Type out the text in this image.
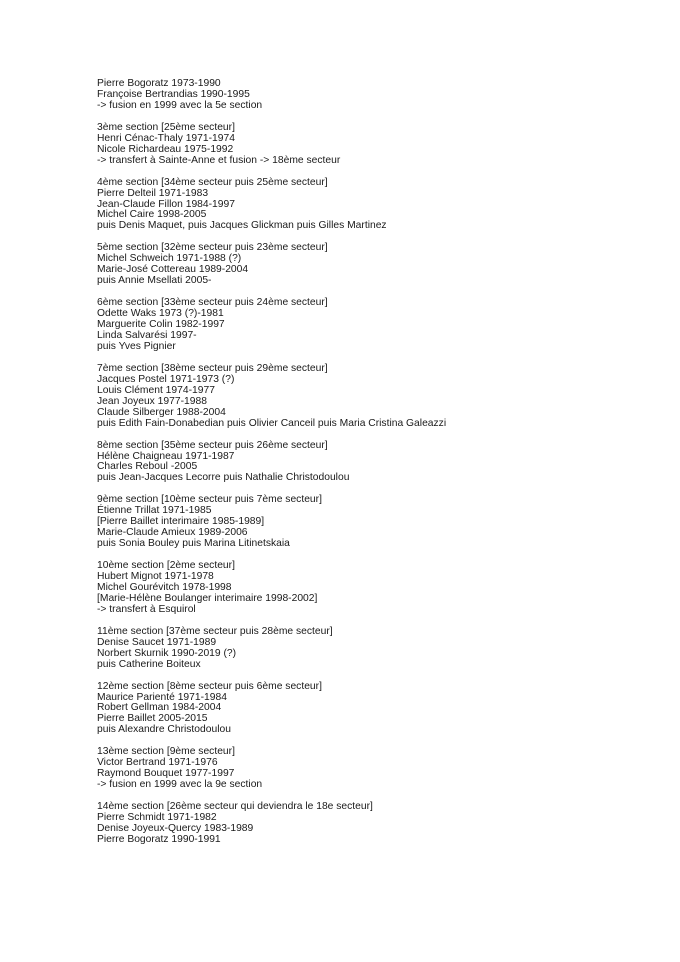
Pierre Bogoratz 1973-1990
Françoise Bertrandias 1990-1995
-> fusion en 1999 avec la 5e section
3ème section [25ème secteur]
Henri Cénac-Thaly 1971-1974
Nicole Richardeau 1975-1992
-> transfert à Sainte-Anne et fusion -> 18ème secteur
4ème section [34ème secteur puis 25ème secteur]
Pierre Delteil 1971-1983
Jean-Claude Fillon 1984-1997
Michel Caire 1998-2005
puis Denis Maquet, puis Jacques Glickman puis Gilles Martinez
5ème section [32ème secteur puis 23ème secteur]
Michel Schweich 1971-1988 (?)
Marie-José Cottereau 1989-2004
puis Annie Msellati 2005-
6ème section [33ème secteur puis 24ème secteur]
Odette Waks 1973 (?)-1981
Marguerite Colin 1982-1997
Linda Salvarési 1997-
puis Yves Pignier
7ème section [38ème secteur puis 29ème secteur]
Jacques Postel 1971-1973 (?)
Louis Clément 1974-1977
Jean Joyeux 1977-1988
Claude Silberger 1988-2004
puis Edith Fain-Donabedian puis Olivier Canceil puis Maria Cristina Galeazzi
8ème section [35ème secteur puis 26ème secteur]
Hélène Chaigneau 1971-1987
Charles Reboul -2005
puis Jean-Jacques Lecorre puis Nathalie Christodoulou
9ème section [10ème secteur puis 7ème secteur]
Étienne Trillat 1971-1985
[Pierre Baillet interimaire 1985-1989]
Marie-Claude Amieux 1989-2006
puis Sonia Bouley puis Marina Litinetskaia
10ème section [2ème secteur]
Hubert Mignot 1971-1978
Michel Gourévitch 1978-1998
[Marie-Hélène Boulanger interimaire 1998-2002]
-> transfert à Esquirol
11ème section [37ème secteur puis 28ème secteur]
Denise Saucet 1971-1989
Norbert Skurnik 1990-2019 (?)
puis Catherine Boiteux
12ème section [8ème secteur puis 6ème secteur]
Maurice Parienté 1971-1984
Robert Gellman 1984-2004
Pierre Baillet 2005-2015
puis Alexandre Christodoulou
13ème section [9ème secteur]
Victor Bertrand 1971-1976
Raymond Bouquet 1977-1997
-> fusion en 1999 avec la 9e section
14ème section [26ème secteur qui deviendra le 18e secteur]
Pierre Schmidt 1971-1982
Denise Joyeux-Quercy 1983-1989
Pierre Bogoratz 1990-1991
